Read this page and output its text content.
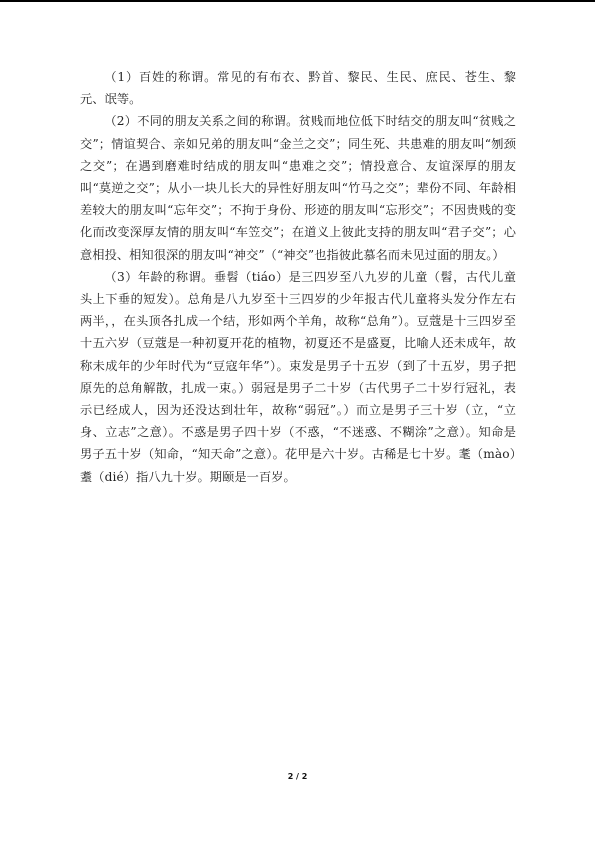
（1）百姓的称谓。常见的有布衣、黔首、黎民、生民、庶民、苍生、黎元、氓等。

（2）不同的朋友关系之间的称谓。贫贱而地位低下时结交的朋友叫“贫贱之交”；情谊契合、亲如兄弟的朋友叫“金兰之交”；同生死、共患难的朋友叫“刎颈之交”；在遇到磨难时结成的朋友叫“患难之交”；情投意合、友谊深厚的朋友叫“莫逆之交”；从小一块儿长大的异性好朋友叫“竹马之交”；辈份不同、年龄相差较大的朋友叫“忘年交”；不拘于身份、形迹的朋友叫“忘形交”；不因贵贱的变化而改变深厚友情的朋友叫“车笠交”；在道义上彼此支持的朋友叫“君子交”；心意相投、相知很深的朋友叫“神交”（“神交”也指彼此慕名而未见过面的朋友。）

（3）年龄的称谓。垂髫（tiáo）是三四岁至八九岁的儿童（髫，古代儿童头上下垂的短发）。总角是八九岁至十三四岁的少年报古代儿童将头发分作左右两半，，在头顶各扎成一个结，形如两个羊角，故称“总角”）。豆蔻是十三四岁至十五六岁（豆蔻是一种初夏开花的植物，初夏还不是盛夏，比喻人还未成年，故称未成年的少年时代为“豆寇年华”）。束发是男子十五岁（到了十五岁，男子把原先的总角解散，扎成一束。）弱冠是男子二十岁（古代男子二十岁行冠礼，表示已经成人，因为还没达到壮年，故称“弱冠”。）而立是男子三十岁（立，“立身、立志”之意）。不惑是男子四十岁（不惑，“不迷惑、不糊涂”之意）。知命是男子五十岁（知命，“知天命”之意）。花甲是六十岁。古稀是七十岁。耄（mào）耋（dié）指八九十岁。期颐是一百岁。

2 / 2
